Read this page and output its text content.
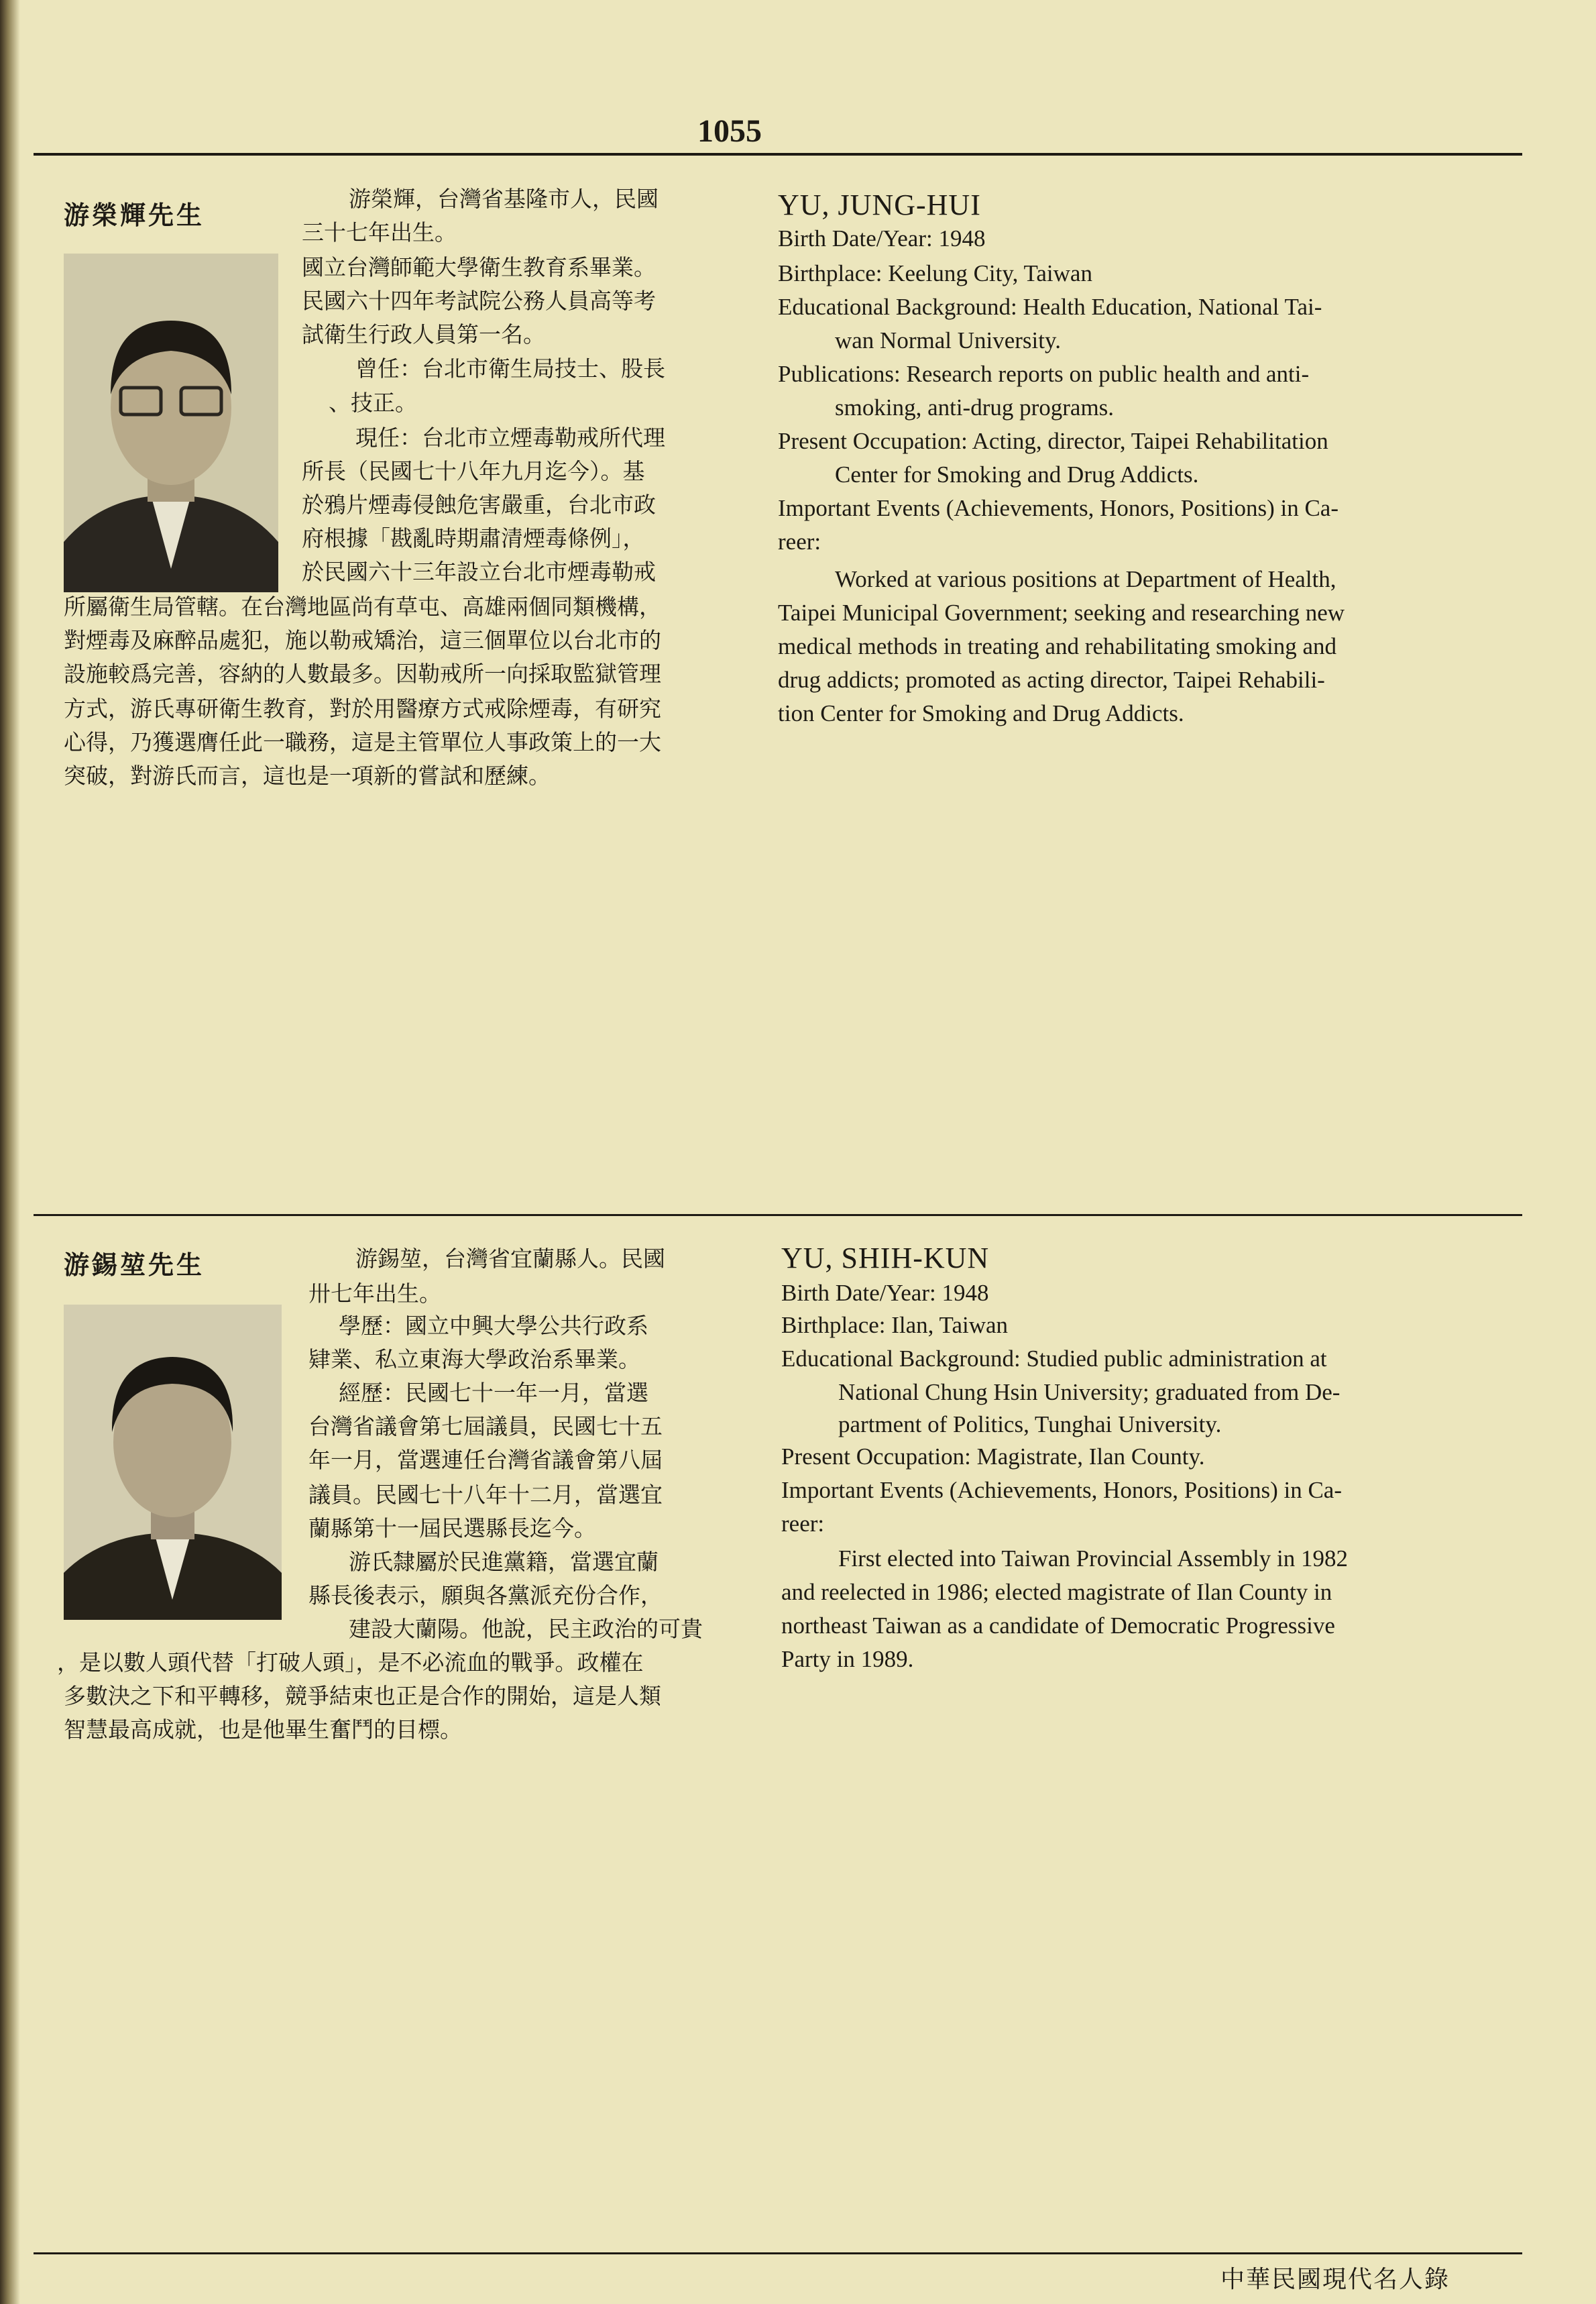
1055
游榮輝先生
游榮輝，台灣省基隆市人，民國
三十七年出生。
國立台灣師範大學衛生教育系畢業。
民國六十四年考試院公務人員高等考
試衛生行政人員第一名。
曾任：台北市衛生局技士、股長
、技正。
現任：台北市立煙毒勒戒所代理
所長（民國七十八年九月迄今）。基
於鴉片煙毒侵蝕危害嚴重，台北市政
府根據「戡亂時期肅清煙毒條例」，
於民國六十三年設立台北市煙毒勒戒
所屬衛生局管轄。在台灣地區尚有草屯、高雄兩個同類機構，
對煙毒及麻醉品處犯，施以勒戒矯治，這三個單位以台北市的
設施較爲完善，容納的人數最多。因勒戒所一向採取監獄管理
方式，游氏專研衛生教育，對於用醫療方式戒除煙毒，有研究
心得，乃獲選膺任此一職務，這是主管單位人事政策上的一大
突破，對游氏而言，這也是一項新的嘗試和歷練。
YU, JUNG-HUI
Birth Date/Year: 1948
Birthplace: Keelung City, Taiwan
Educational Background: Health Education, National Tai-
wan Normal University.
Publications: Research reports on public health and anti-
smoking, anti-drug programs.
Present Occupation: Acting, director, Taipei Rehabilitation
Center for Smoking and Drug Addicts.
Important Events (Achievements, Honors, Positions) in Ca-
reer:
Worked at various positions at Department of Health,
Taipei Municipal Government; seeking and researching new
medical methods in treating and rehabilitating smoking and
drug addicts; promoted as acting director, Taipei Rehabili-
tion Center for Smoking and Drug Addicts.
游錫堃先生	游錫堃，台灣省宜蘭縣人。民國
卅七年出生。
學歷：國立中興大學公共行政系
肄業、私立東海大學政治系畢業。
經歷：民國七十一年一月，當選
台灣省議會第七屆議員，民國七十五
年一月，當選連任台灣省議會第八屆
議員。民國七十八年十二月，當選宜
蘭縣第十一屆民選縣長迄今。
游氏隸屬於民進黨籍，當選宜蘭
縣長後表示，願與各黨派充份合作，
建設大蘭陽。他說，民主政治的可貴
，是以數人頭代替「打破人頭」，是不必流血的戰爭。政權在
多數決之下和平轉移，競爭結束也正是合作的開始，這是人類
智慧最高成就，也是他畢生奮鬥的目標。
YU, SHIH-KUN
Birth Date/Year: 1948
Birthplace: Ilan, Taiwan
Educational Background: Studied public administration at
National Chung Hsin University; graduated from De-
partment of Politics, Tunghai University.
Present Occupation: Magistrate, Ilan County.
Important Events (Achievements, Honors, Positions) in Ca-
reer:
First elected into Taiwan Provincial Assembly in 1982
and reelected in 1986; elected magistrate of Ilan County in
northeast Taiwan as a candidate of Democratic Progressive
Party in 1989.
中華民國現代名人錄
